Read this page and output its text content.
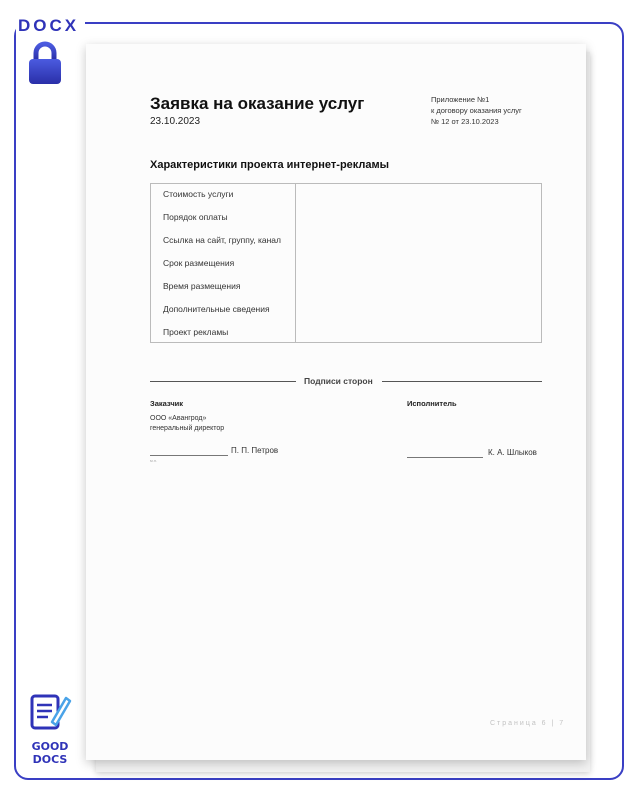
DOCX
GOOD
DOCS
Заявка на оказание услуг
23.10.2023
Приложение №1
к договору оказания услуг
№ 12 от 23.10.2023
Характеристики проекта интернет-рекламы
Стоимость услуги
Порядок оплаты
Ссылка на сайт, группу, канал
Срок размещения
Время размещения
Дополнительные сведения
Проект рекламы
Подписи сторон
Заказчик	Исполнитель
ООО «Авангрод»
генеральный директор
П. П. Петров
м.п.
К. А. Шлыков
Страница 6 | 7
